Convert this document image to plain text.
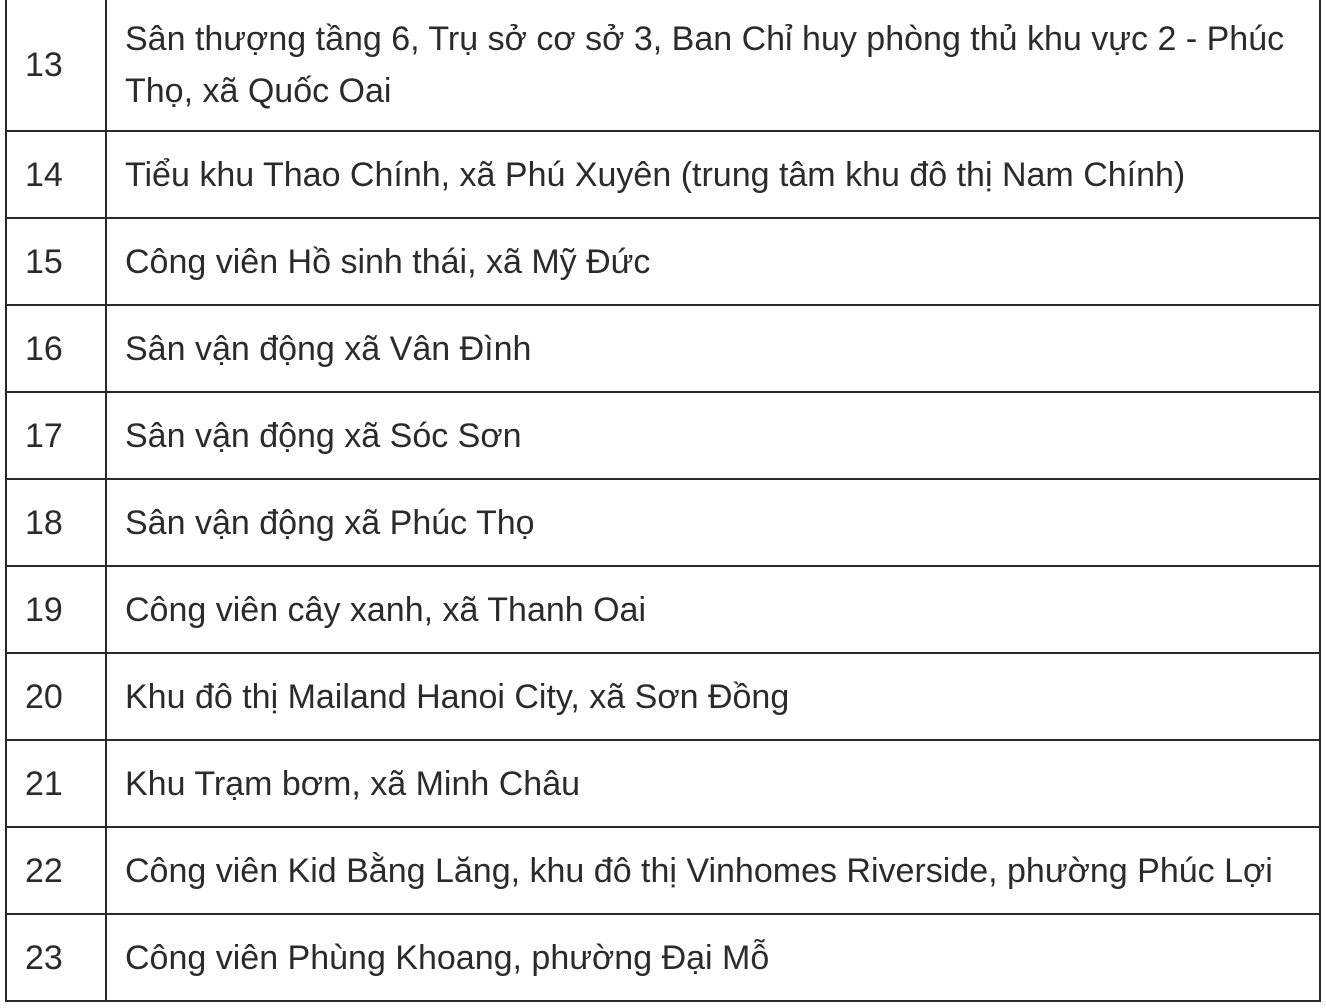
13	Sân thượng tầng 6, Trụ sở cơ sở 3, Ban Chỉ huy phòng thủ khu vực 2 - Phúc Thọ, xã Quốc Oai
14	Tiểu khu Thao Chính, xã Phú Xuyên (trung tâm khu đô thị Nam Chính)
15	Công viên Hồ sinh thái, xã Mỹ Đức
16	Sân vận động xã Vân Đình
17	Sân vận động xã Sóc Sơn
18	Sân vận động xã Phúc Thọ
19	Công viên cây xanh, xã Thanh Oai
20	Khu đô thị Mailand Hanoi City, xã Sơn Đồng
21	Khu Trạm bơm, xã Minh Châu
22	Công viên Kid Bằng Lăng, khu đô thị Vinhomes Riverside, phường Phúc Lợi
23	Công viên Phùng Khoang, phường Đại Mỗ
